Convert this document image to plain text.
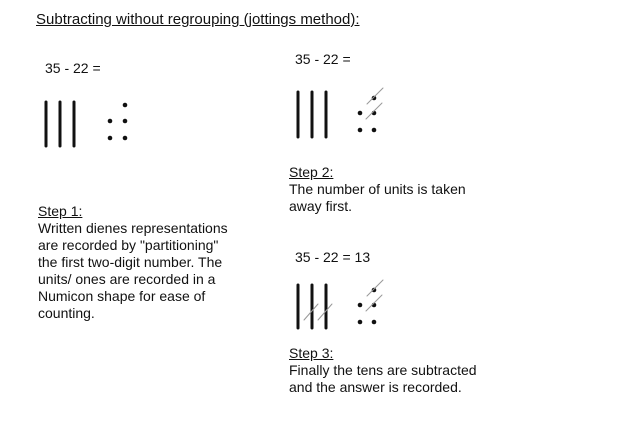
Subtracting without regrouping (jottings method):
35 - 22 =
Step 1:
Written dienes representations are recorded by "partitioning" the first two-digit number. The units/ ones are recorded in a Numicon shape for ease of counting.
35 - 22 =
Step 2:
The number of units is taken away first.
35 - 22 = 13
Step 3:
Finally the tens are subtracted and the answer is recorded.
